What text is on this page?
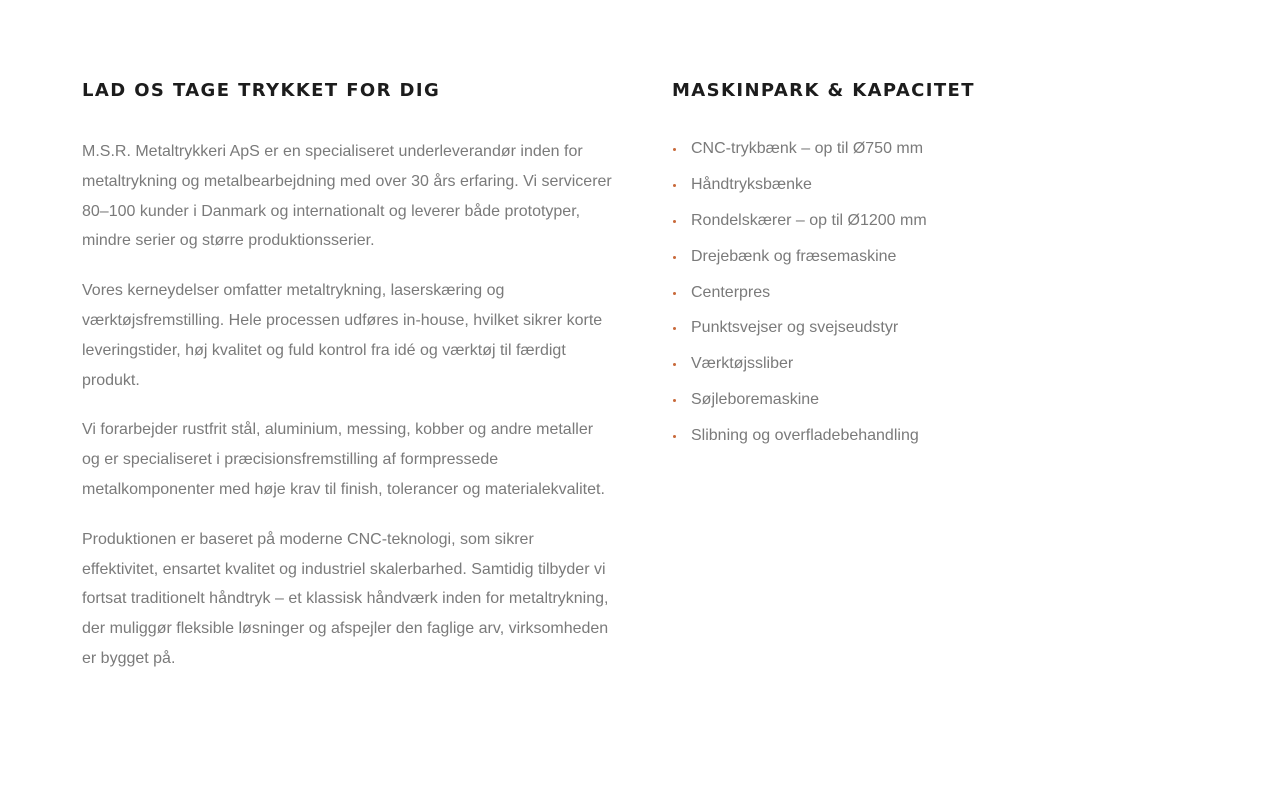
LAD OS TAGE TRYKKET FOR DIG

M.S.R. Metaltrykkeri ApS er en specialiseret underleverandør inden for metaltrykning og metalbearbejdning med over 30 års erfaring. Vi servicerer 80–100 kunder i Danmark og internationalt og leverer både prototyper, mindre serier og større produktionsserier.

Vores kerneydelser omfatter metaltrykning, laserskæring og værktøjsfremstilling. Hele processen udføres in-house, hvilket sikrer korte leveringstider, høj kvalitet og fuld kontrol fra idé og værktøj til færdigt produkt.

Vi forarbejder rustfrit stål, aluminium, messing, kobber og andre metaller og er specialiseret i præcisionsfremstilling af formpressede metalkomponenter med høje krav til finish, tolerancer og materialekvalitet.

Produktionen er baseret på moderne CNC-teknologi, som sikrer effektivitet, ensartet kvalitet og industriel skalerbarhed. Samtidig tilbyder vi fortsat traditionelt håndtryk – et klassisk håndværk inden for metaltrykning, der muliggør fleksible løsninger og afspejler den faglige arv, virksomheden er bygget på.

MASKINPARK & KAPACITET
CNC-trykbænk – op til Ø750 mm
Håndtryksbænke
Rondelskærer – op til Ø1200 mm
Drejebænk og fræsemaskine
Centerpres
Punktsvejser og svejseudstyr
Værktøjssliber
Søjleboremaskine
Slibning og overfladebehandling
